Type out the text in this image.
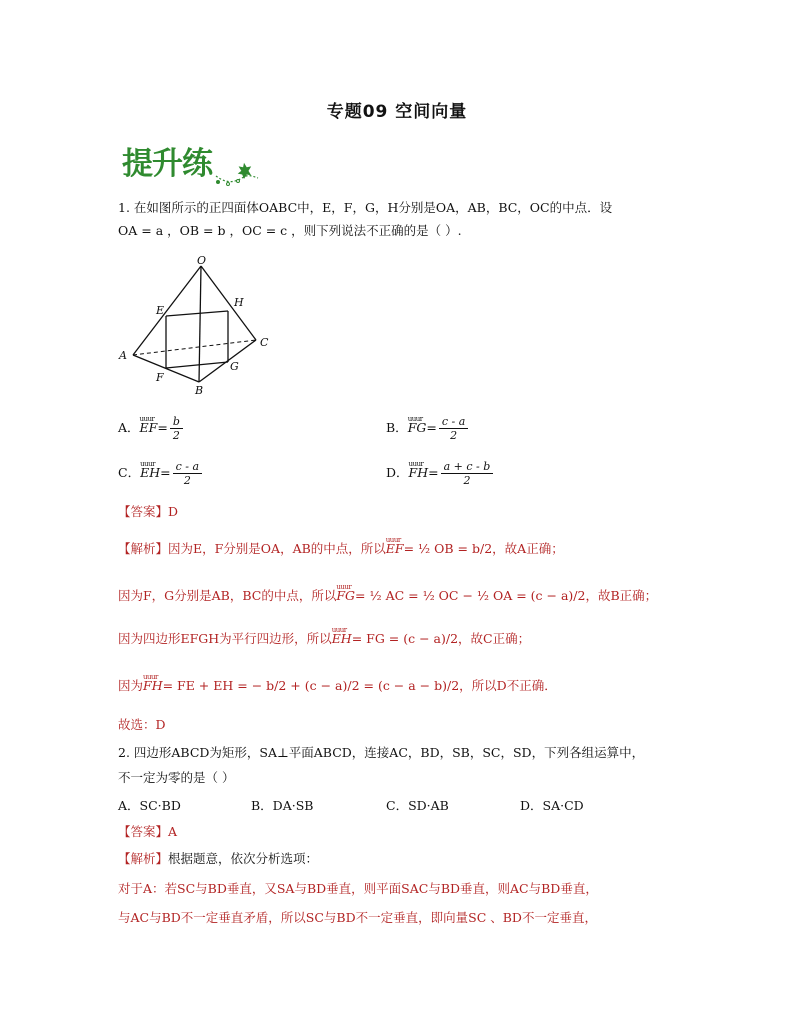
专题09 空间向量
提升练
1. 在如图所示的正四面体OABC中，E，F，G，H分别是OA，AB，BC，OC的中点．设
OA = a ，OB = b ，OC = c ，则下列说法不正确的是（ ）.
O
E
H
A
C
F
G
B
A．uuur $EF= \frac{b}{2}$	B．uuur $FG= \frac{c - a}{2}$
C．uuur $EH= \frac{c - a}{2}$	D．uuur $FH= \frac{a + c - b}{2}$
【答案】D
【解析】因为E，F分别是OA，AB的中点，所以uuur EF= ½ OB = b/2，故A正确；
因为F，G分别是AB，BC的中点，所以uuur FG= ½ AC = ½ OC − ½ OA = (c − a)/2，故B正确；
因为四边形EFGH为平行四边形，所以uuur EH= FG = (c − a)/2，故C正确；
因为uuur FH= FE + EH = − b/2 + (c − a)/2 = (c − a − b)/2，所以D不正确．
故选：D
2. 四边形ABCD为矩形，SA⊥平面ABCD，连接AC，BD，SB，SC，SD，下列各组运算中，
不一定为零的是（ ）
A．SC·BD	B．DA·SB	C．SD·AB	D．SA·CD
【答案】A
【解析】根据题意，依次分析选项：
对于A：若SC与BD垂直，又SA与BD垂直，则平面SAC与BD垂直，则AC与BD垂直，
与AC与BD不一定垂直矛盾，所以SC与BD不一定垂直，即向量SC 、BD不一定垂直，
